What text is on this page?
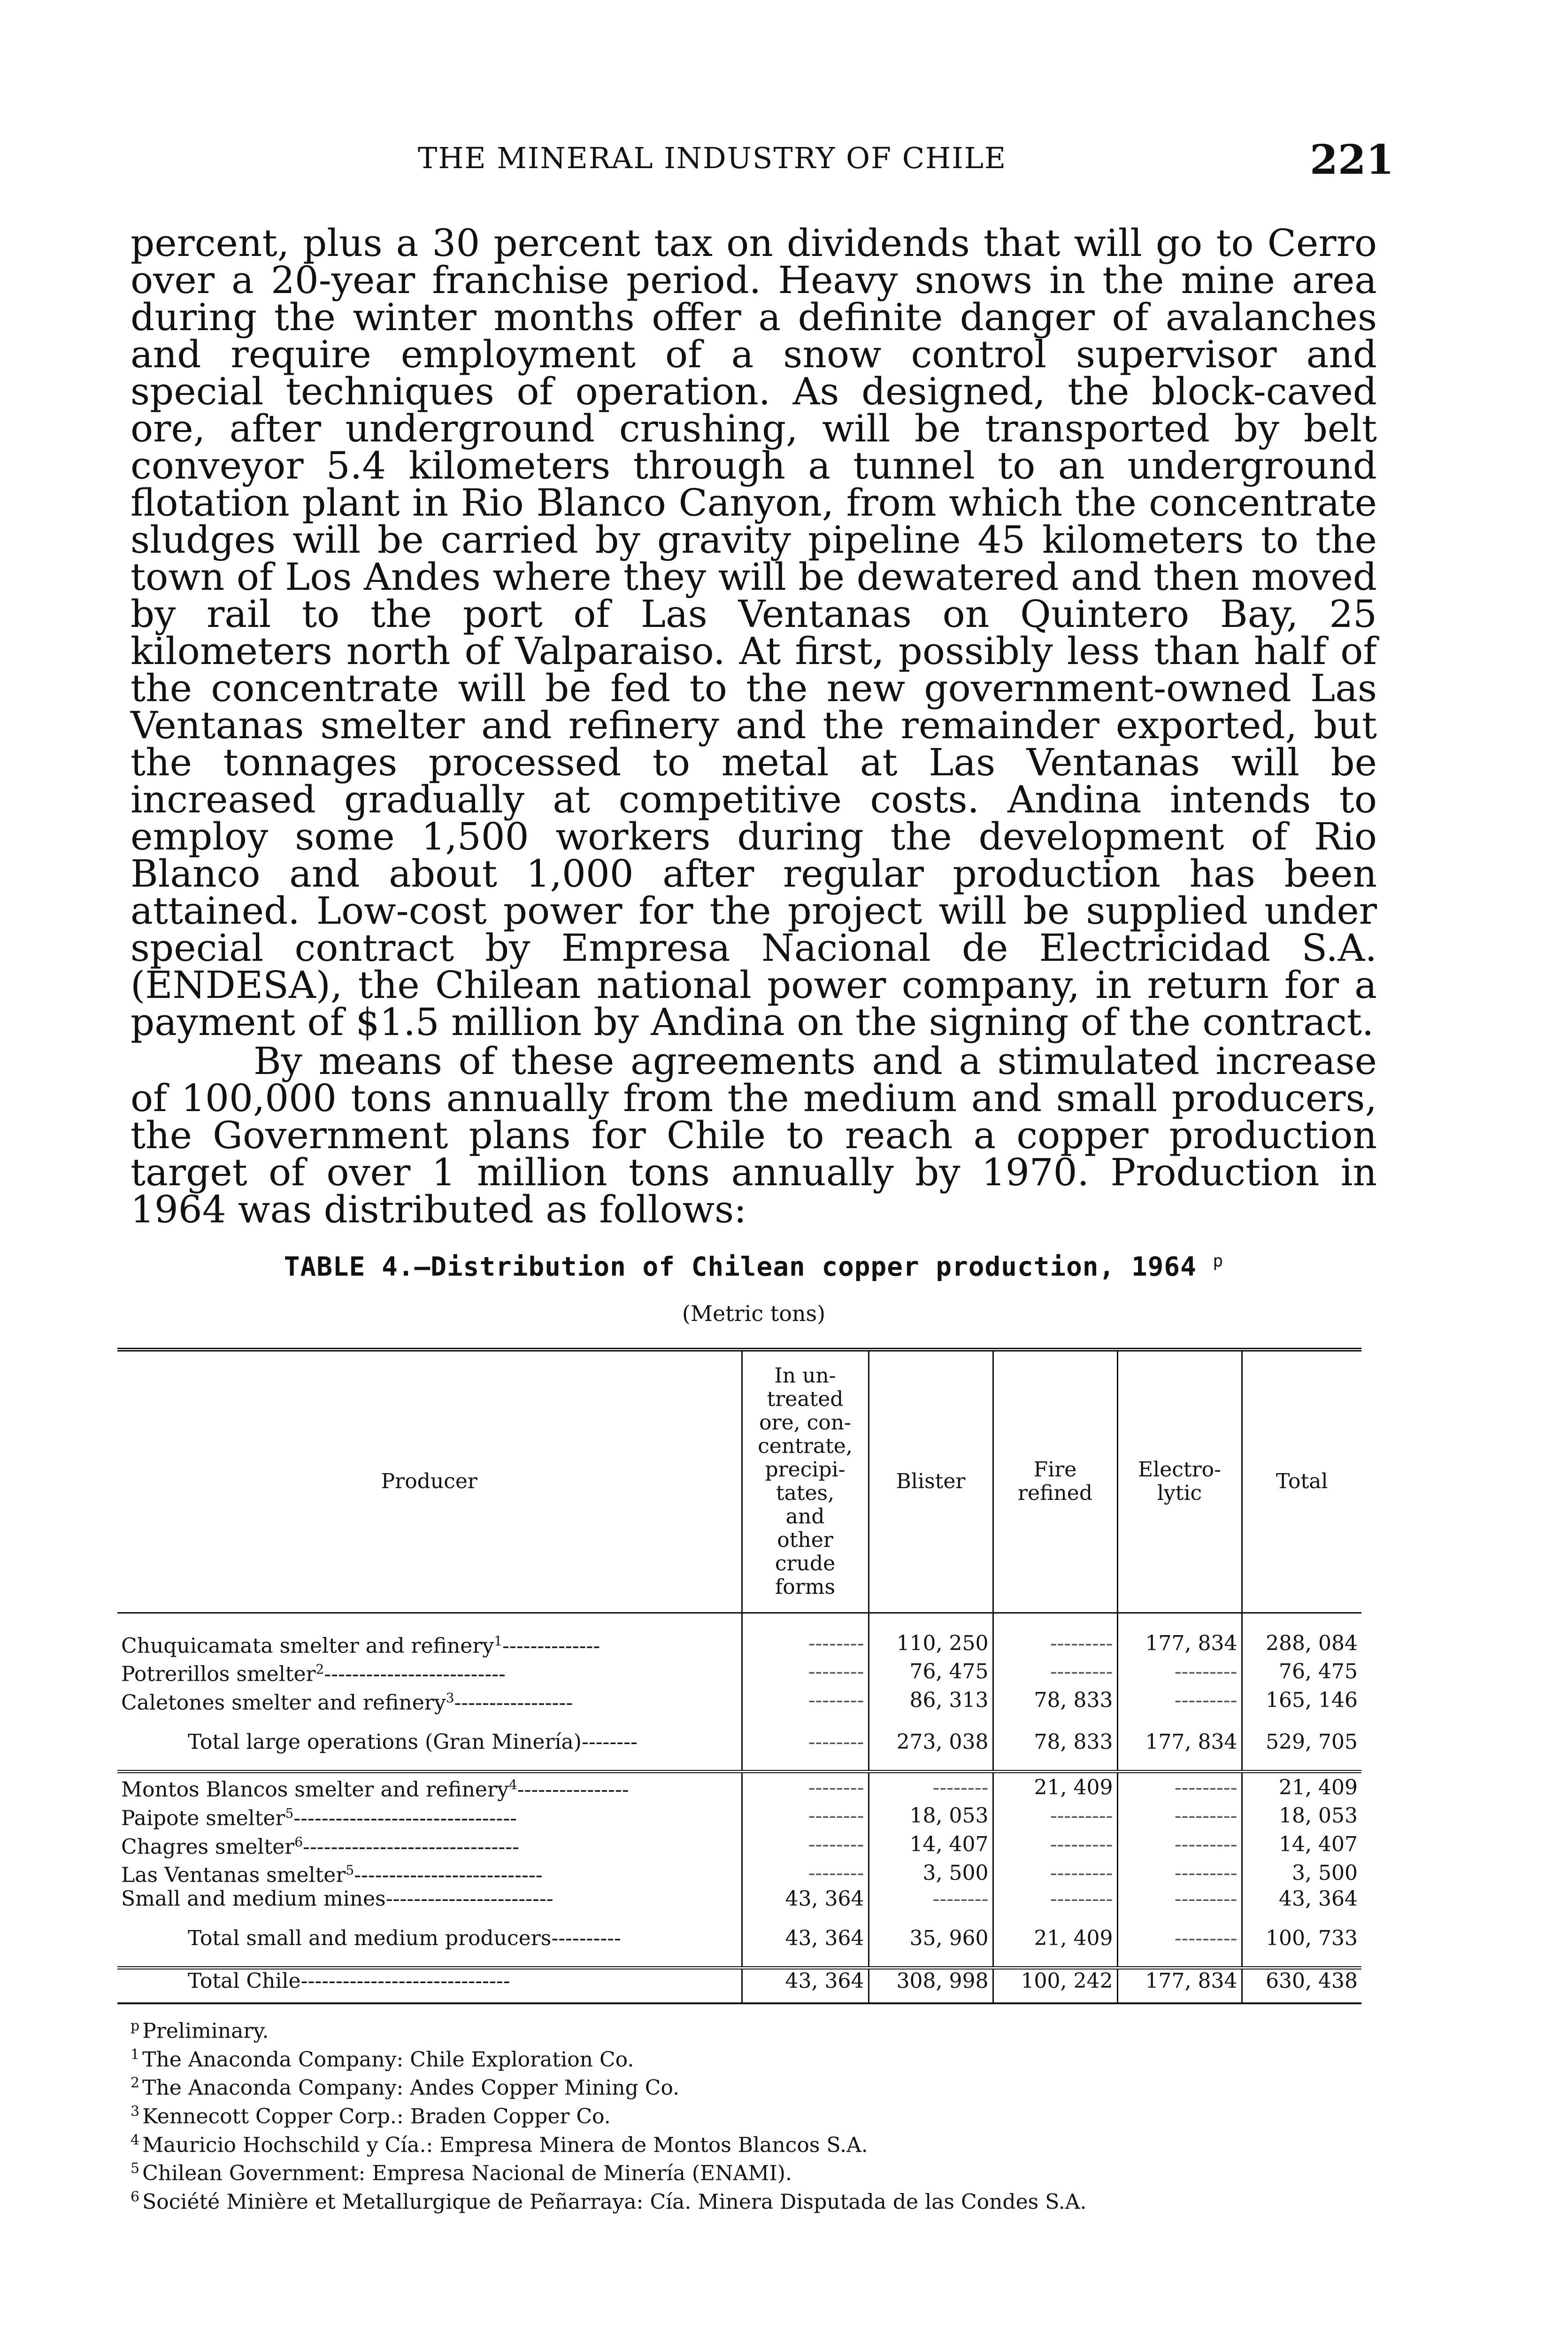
THE MINERAL INDUSTRY OF CHILE	221

percent, plus a 30 percent tax on dividends that will go to Cerro over a 20-year franchise period. Heavy snows in the mine area during the winter months offer a definite danger of avalanches and require employment of a snow control supervisor and special techniques of operation. As designed, the block-caved ore, after underground crushing, will be transported by belt conveyor 5.4 kilometers through a tunnel to an underground flotation plant in Rio Blanco Canyon, from which the concentrate sludges will be carried by gravity pipeline 45 kilometers to the town of Los Andes where they will be dewatered and then moved by rail to the port of Las Ventanas on Quintero Bay, 25 kilometers north of Valparaiso. At first, possibly less than half of the concentrate will be fed to the new government-owned Las Ventanas smelter and refinery and the remainder exported, but the tonnages processed to metal at Las Ventanas will be increased gradually at competitive costs. Andina intends to employ some 1,500 workers during the development of Rio Blanco and about 1,000 after regular production has been attained. Low-cost power for the project will be supplied under special contract by Empresa Nacional de Electricidad S.A. (ENDESA), the Chilean national power company, in return for a payment of $1.5 million by Andina on the signing of the contract.

By means of these agreements and a stimulated increase of 100,000 tons annually from the medium and small producers, the Government plans for Chile to reach a copper production target of over 1 million tons annually by 1970. Production in 1964 was distributed as follows:

TABLE 4.—Distribution of Chilean copper production, 1964 $^p$
(Metric tons)
Producer	In un-treated ore, con-centrate, precipi-tates, and other crude forms	Blister	Fire refined	Electro-lytic	Total

Chuquicamata smelter and refinery$^1$--------------	--------	110, 250	---------	177, 834	288, 084
Potrerillos smelter$^2$--------------------------	--------	76, 475	---------	---------	76, 475
Caletones smelter and refinery$^3$-----------------	--------	86, 313	78, 833	---------	165, 146

Total large operations (Gran Minería)--------	--------	273, 038	78, 833	177, 834	529, 705

Montos Blancos smelter and refinery$^4$----------------	--------	--------	21, 409	---------	21, 409
Paipote smelter$^5$--------------------------------	--------	18, 053	---------	---------	18, 053
Chagres smelter$^6$-------------------------------	--------	14, 407	---------	---------	14, 407
Las Ventanas smelter$^5$---------------------------	--------	3, 500	---------	---------	3, 500
Small and medium mines------------------------	43, 364	--------	---------	---------	43, 364

Total small and medium producers----------	43, 364	35, 960	21, 409	---------	100, 733

Total Chile------------------------------	43, 364	308, 998	100, 242	177, 834	630, 438
$^p$ Preliminary.
$^1$ The Anaconda Company: Chile Exploration Co.
$^2$ The Anaconda Company: Andes Copper Mining Co.
$^3$ Kennecott Copper Corp.: Braden Copper Co.
$^4$ Mauricio Hochschild y Cía.: Empresa Minera de Montos Blancos S.A.
$^5$ Chilean Government: Empresa Nacional de Minería (ENAMI).
$^6$ Société Minière et Metallurgique de Peñarraya: Cía. Minera Disputada de las Condes S.A.
